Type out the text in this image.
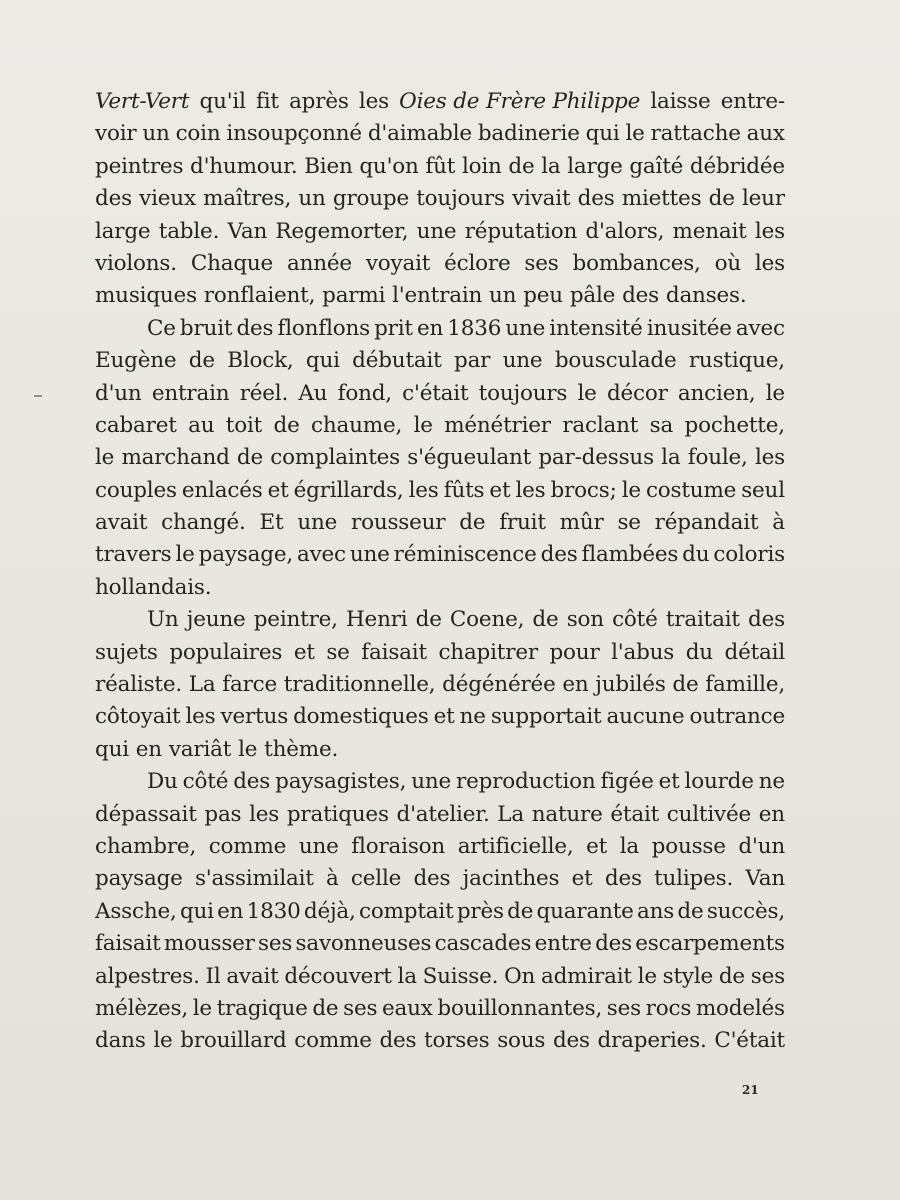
Vert-Vert qu'il fit après les Oies de Frère Philippe laisse entre-
voir un coin insoupçonné d'aimable badinerie qui le rattache aux
peintres d'humour. Bien qu'on fût loin de la large gaîté débridée
des vieux maîtres, un groupe toujours vivait des miettes de leur
large table. Van Regemorter, une réputation d'alors, menait les
violons. Chaque année voyait éclore ses bombances, où les
musiques ronflaient, parmi l'entrain un peu pâle des danses.
Ce bruit des flonflons prit en 1836 une intensité inusitée avec
Eugène de Block, qui débutait par une bousculade rustique,
d'un entrain réel. Au fond, c'était toujours le décor ancien, le
cabaret au toit de chaume, le ménétrier raclant sa pochette,
le marchand de complaintes s'égueulant par-dessus la foule, les
couples enlacés et égrillards, les fûts et les brocs; le costume seul
avait changé. Et une rousseur de fruit mûr se répandait à
travers le paysage, avec une réminiscence des flambées du coloris
hollandais.
Un jeune peintre, Henri de Coene, de son côté traitait des
sujets populaires et se faisait chapitrer pour l'abus du détail
réaliste. La farce traditionnelle, dégénérée en jubilés de famille,
côtoyait les vertus domestiques et ne supportait aucune outrance
qui en variât le thème.
Du côté des paysagistes, une reproduction figée et lourde ne
dépassait pas les pratiques d'atelier. La nature était cultivée en
chambre, comme une floraison artificielle, et la pousse d'un
paysage s'assimilait à celle des jacinthes et des tulipes. Van
Assche, qui en 1830 déjà, comptait près de quarante ans de succès,
faisait mousser ses savonneuses cascades entre des escarpements
alpestres. Il avait découvert la Suisse. On admirait le style de ses
mélèzes, le tragique de ses eaux bouillonnantes, ses rocs modelés
dans le brouillard comme des torses sous des draperies. C'était
21
